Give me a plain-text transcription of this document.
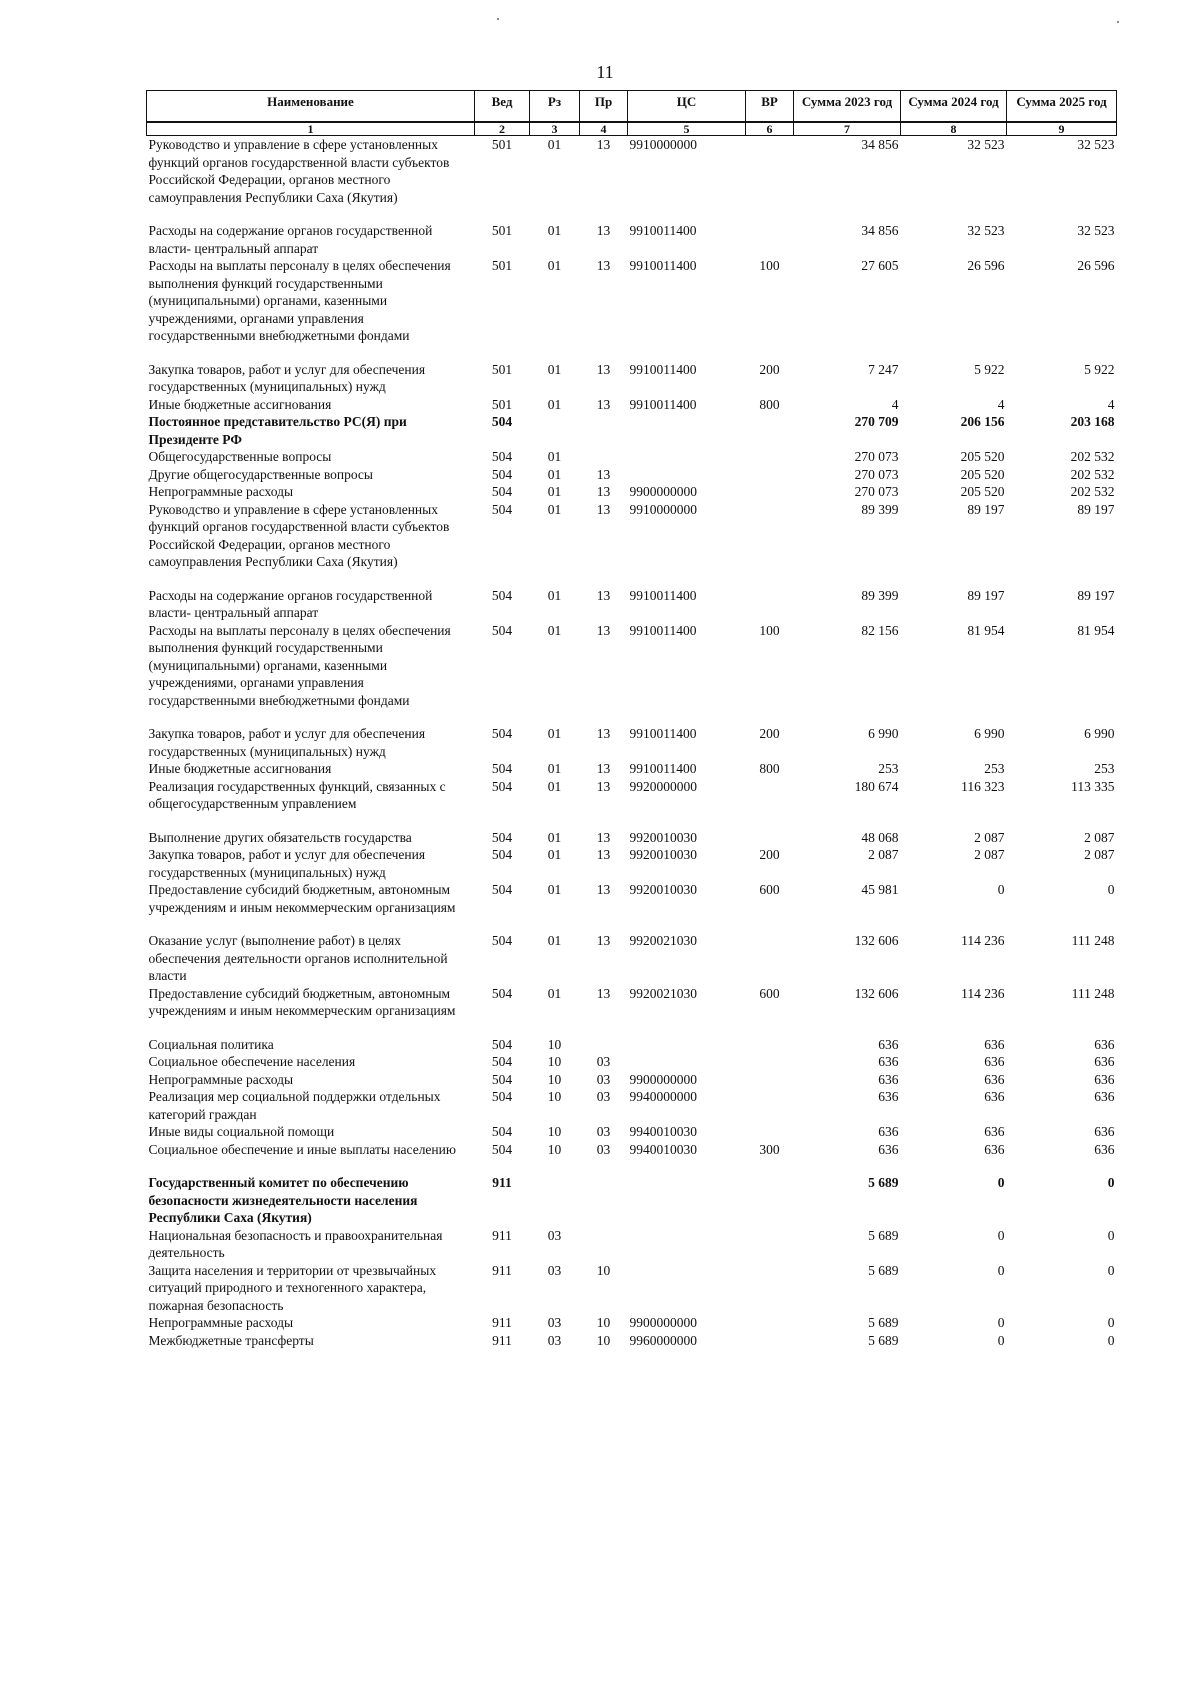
11
Наименование	Вед	Рз	Пр	ЦС	ВР	Сумма 2023 год	Сумма 2024 год	Сумма 2025 год
1	2	3	4	5	6	7	8	9
Руководство и управление в сфере установленных функций органов государственной власти субъектов Российской Федерации, органов местного самоуправления Республики Саха (Якутия)	501	01	13	9910000000		34 856	32 523	32 523
Расходы на содержание органов государственной власти- центральный аппарат	501	01	13	9910011400		34 856	32 523	32 523
Расходы на выплаты персоналу в целях обеспечения выполнения функций государственными (муниципальными) органами, казенными учреждениями, органами управления государственными внебюджетными фондами	501	01	13	9910011400	100	27 605	26 596	26 596
Закупка товаров, работ и услуг для обеспечения государственных (муниципальных) нужд	501	01	13	9910011400	200	7 247	5 922	5 922
Иные бюджетные ассигнования	501	01	13	9910011400	800	4	4	4
Постоянное представительство РС(Я) при Президенте РФ	504					270 709	206 156	203 168
Общегосударственные вопросы	504	01				270 073	205 520	202 532
Другие общегосударственные вопросы	504	01	13			270 073	205 520	202 532
Непрограммные расходы	504	01	13	9900000000		270 073	205 520	202 532
Руководство и управление в сфере установленных функций органов государственной власти субъектов Российской Федерации, органов местного самоуправления Республики Саха (Якутия)	504	01	13	9910000000		89 399	89 197	89 197
Расходы на содержание органов государственной власти- центральный аппарат	504	01	13	9910011400		89 399	89 197	89 197
Расходы на выплаты персоналу в целях обеспечения выполнения функций государственными (муниципальными) органами, казенными учреждениями, органами управления государственными внебюджетными фондами	504	01	13	9910011400	100	82 156	81 954	81 954
Закупка товаров, работ и услуг для обеспечения государственных (муниципальных) нужд	504	01	13	9910011400	200	6 990	6 990	6 990
Иные бюджетные ассигнования	504	01	13	9910011400	800	253	253	253
Реализация государственных функций, связанных с общегосударственным управлением	504	01	13	9920000000		180 674	116 323	113 335
Выполнение других обязательств государства	504	01	13	9920010030		48 068	2 087	2 087
Закупка товаров, работ и услуг для обеспечения государственных (муниципальных) нужд	504	01	13	9920010030	200	2 087	2 087	2 087
Предоставление субсидий бюджетным, автономным учреждениям и иным некоммерческим организациям	504	01	13	9920010030	600	45 981	0	0
Оказание услуг (выполнение работ) в целях обеспечения деятельности органов исполнительной власти	504	01	13	9920021030		132 606	114 236	111 248
Предоставление субсидий бюджетным, автономным учреждениям и иным некоммерческим организациям	504	01	13	9920021030	600	132 606	114 236	111 248
Социальная политика	504	10				636	636	636
Социальное обеспечение населения	504	10	03			636	636	636
Непрограммные расходы	504	10	03	9900000000		636	636	636
Реализация мер социальной поддержки отдельных категорий граждан	504	10	03	9940000000		636	636	636
Иные виды социальной помощи	504	10	03	9940010030		636	636	636
Социальное обеспечение и иные выплаты населению	504	10	03	9940010030	300	636	636	636
Государственный комитет по обеспечению безопасности жизнедеятельности населения Республики Саха (Якутия)	911					5 689	0	0
Национальная безопасность и правоохранительная деятельность	911	03				5 689	0	0
Защита населения и территории от чрезвычайных ситуаций природного и техногенного характера, пожарная безопасность	911	03	10			5 689	0	0
Непрограммные расходы	911	03	10	9900000000		5 689	0	0
Межбюджетные трансферты	911	03	10	9960000000		5 689	0	0
